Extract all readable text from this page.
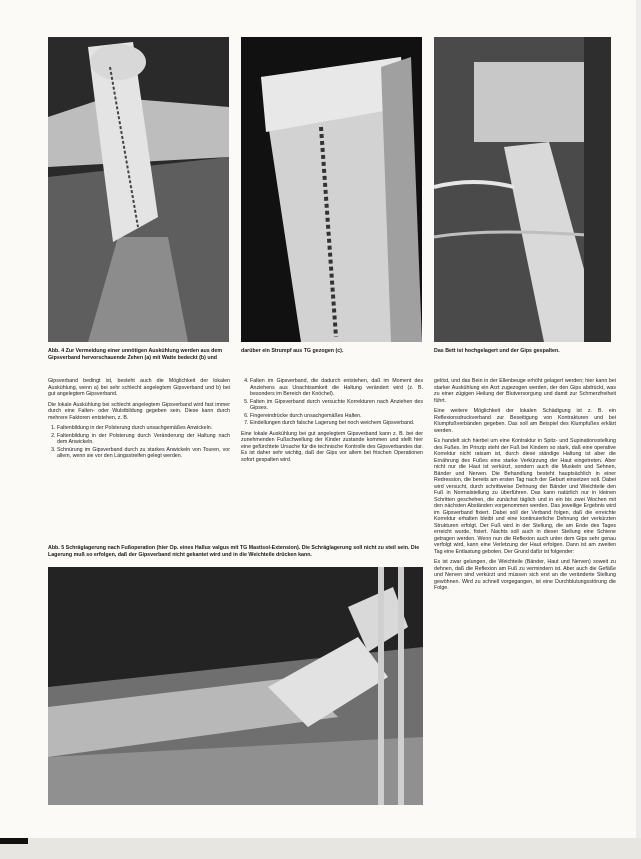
Abb. 4 Zur Vermeidung einer unnötigen Auskühlung werden aus dem Gipsverband hervorschauende Zehen (a) mit Watte bedeckt (b) und darüber ein Strumpf aus TG gezogen (c).	Das Bett ist hochgelagert und der Gips gespalten.

Gipsverband bedingt ist, besteht auch die Möglichkeit der lokalen Auskühlung, wenn a) bei sehr schlecht angelegtem Gipsverband und b) bei gut angelegtem Gipsverband.

Die lokale Auskühlung bei schlecht angelegtem Gipsverband wird fast immer durch eine Falten- oder Wulstbildung gegeben sein. Diese kann durch mehrere Faktoren entstehen, z. B.

1. Faltenbildung in der Polsterung durch unsachgemäßes Anwickeln.
2. Faltenbildung in der Polsterung durch Veränderung der Haltung nach dem Anwickeln.
3. Schnürung im Gipsverband durch zu starkes Anwickeln von Touren, vor allem, wenn sie vor den Längsstreifen gelegt werden.
4. Falten im Gipsverband, die dadurch entstehen, daß im Moment des Anziehens aus Unachtsamkeit die Haltung verändert wird (z. B. besonders im Bereich der Knöchel).
5. Falten im Gipsverband durch versuchte Korrekturen nach Anziehen des Gipses.
6. Fingereindrücke durch unsachgemäßes Halten.
7. Eindellungen durch falsche Lagerung bei noch weichem Gipsverband.

Eine lokale Auskühlung bei gut angelegtem Gipsverband kann z. B. bei der zunehmenden Fußschwellung der Kinder zustande kommen und stellt hier eine gefürchtete Ursache für die technische Kontrolle des Gipsverbandes dar. Es ist daher sehr wichtig, daß der Gips vor allem bei frischen Operationen sofort gespalten wird.

Abb. 5 Schräglagerung nach Fußoperation (hier Op. eines Hallux valgus mit TG Mastisol-Extension). Die Schräglagerung soll nicht zu steil sein. Die Lagerung muß so erfolgen, daß der Gipsverband nicht gekantet wird und in die Weichteile drücken kann.

gelöst, und das Bein in der Ellenbeuge erhöht gelagert werden; hier kann bei starker Auskühlung ein Arzt zugezogen werden, der den Gips abdrückt, was zu einer zügigen Heilung der Blutversorgung und damit zur Schmerzfreiheit führt.

Eine weitere Möglichkeit der lokalen Schädigung ist z. B. ein Reflexionsdruckverband zur Beseitigung von Kontrakturen und bei Klumpfußverbänden gegeben. Das soll am Beispiel des Klumpfußes erklärt werden.

Es handelt sich hierbei um eine Kontraktur in Spitz- und Supinationsstellung des Fußes. Im Prinzip steht der Fuß bei Kindern so stark, daß eine operative Korrektur nicht ratsam ist, durch diese ständige Haltung ist aber die Ernährung des Fußes eine starke Verkürzung der Haut eingetreten. Aber nicht nur die Haut ist verkürzt, sondern auch die Muskeln und Sehnen, Bänder und Nerven. Die Behandlung besteht hauptsächlich in einer Redression, die bereits am ersten Tag nach der Geburt einsetzen soll. Dabei wird versucht, durch schrittweise Dehnung der Bänder und Weichteile den Fuß in Normalstellung zu überführen. Das kann natürlich nur in kleinen Schritten geschehen, die zunächst täglich und in ein bis zwei Wochen mit den nächsten Abständen vorgenommen werden. Das jeweilige Ergebnis wird im Gipsverband fixiert. Dabei soll der Verband folgen, daß die erreichte Korrektur erhalten bleibt und eine kontinuierliche Dehnung der verkürzten Strukturen erfolgt. Der Fuß wird in der Stellung, die am Ende des Tages erreicht wurde, fixiert. Nachts soll auch in dieser Stellung eine Schiene getragen werden. Wenn nun die Reflexion auch unter dem Gips sehr genau verfolgt wird, kann eine Verletzung der Haut erfolgen. Dann ist am zweiten Tag eine Entlastung geboten. Der Grund dafür ist folgender:

Es ist zwar gelungen, die Weichteile (Bänder, Haut und Nerven) soweit zu dehnen, daß die Reflexion am Fuß zu vermindern ist. Aber auch die Gefäße und Nerven sind verkürzt und müssen sich erst an die veränderte Stellung gewöhnen. Wird zu schnell vorgegangen, ist eine Durchblutungsstörung die Folge.
